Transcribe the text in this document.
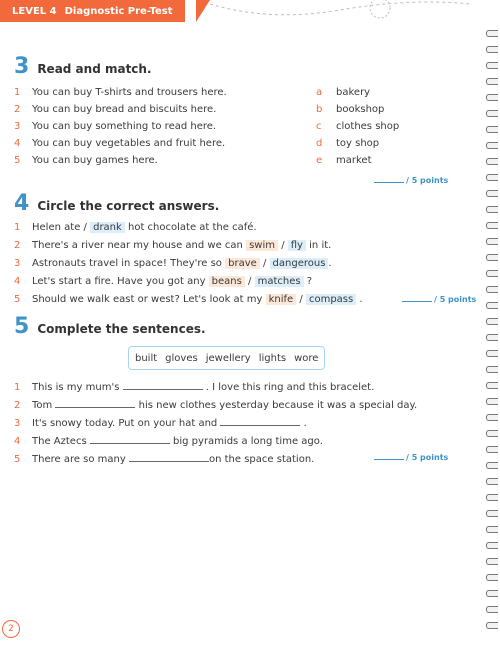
LEVEL 4 Diagnostic Pre-Test
3 Read and match.
1 You can buy T-shirts and trousers here.
2 You can buy bread and biscuits here.
3 You can buy something to read here.
4 You can buy vegetables and fruit here.
5 You can buy games here.
a bakery
b bookshop
c clothes shop
d toy shop
e market
/ 5 points
4 Circle the correct answers.
1 Helen ate / drank hot chocolate at the café.
2 There's a river near my house and we can swim / fly in it.
3 Astronauts travel in space! They're so brave / dangerous .
4 Let's start a fire. Have you got any beans / matches ?
5 Should we walk east or west? Let's look at my knife / compass .	/ 5 points
5 Complete the sentences.
built gloves jewellery lights wore
1 This is my mum's	. I love this ring and this bracelet.
2 Tom	his new clothes yesterday because it was a special day.
3 It's snowy today. Put on your hat and	.
4 The Aztecs	big pyramids a long time ago.
5 There are so many	on the space station.	/ 5 points
2
